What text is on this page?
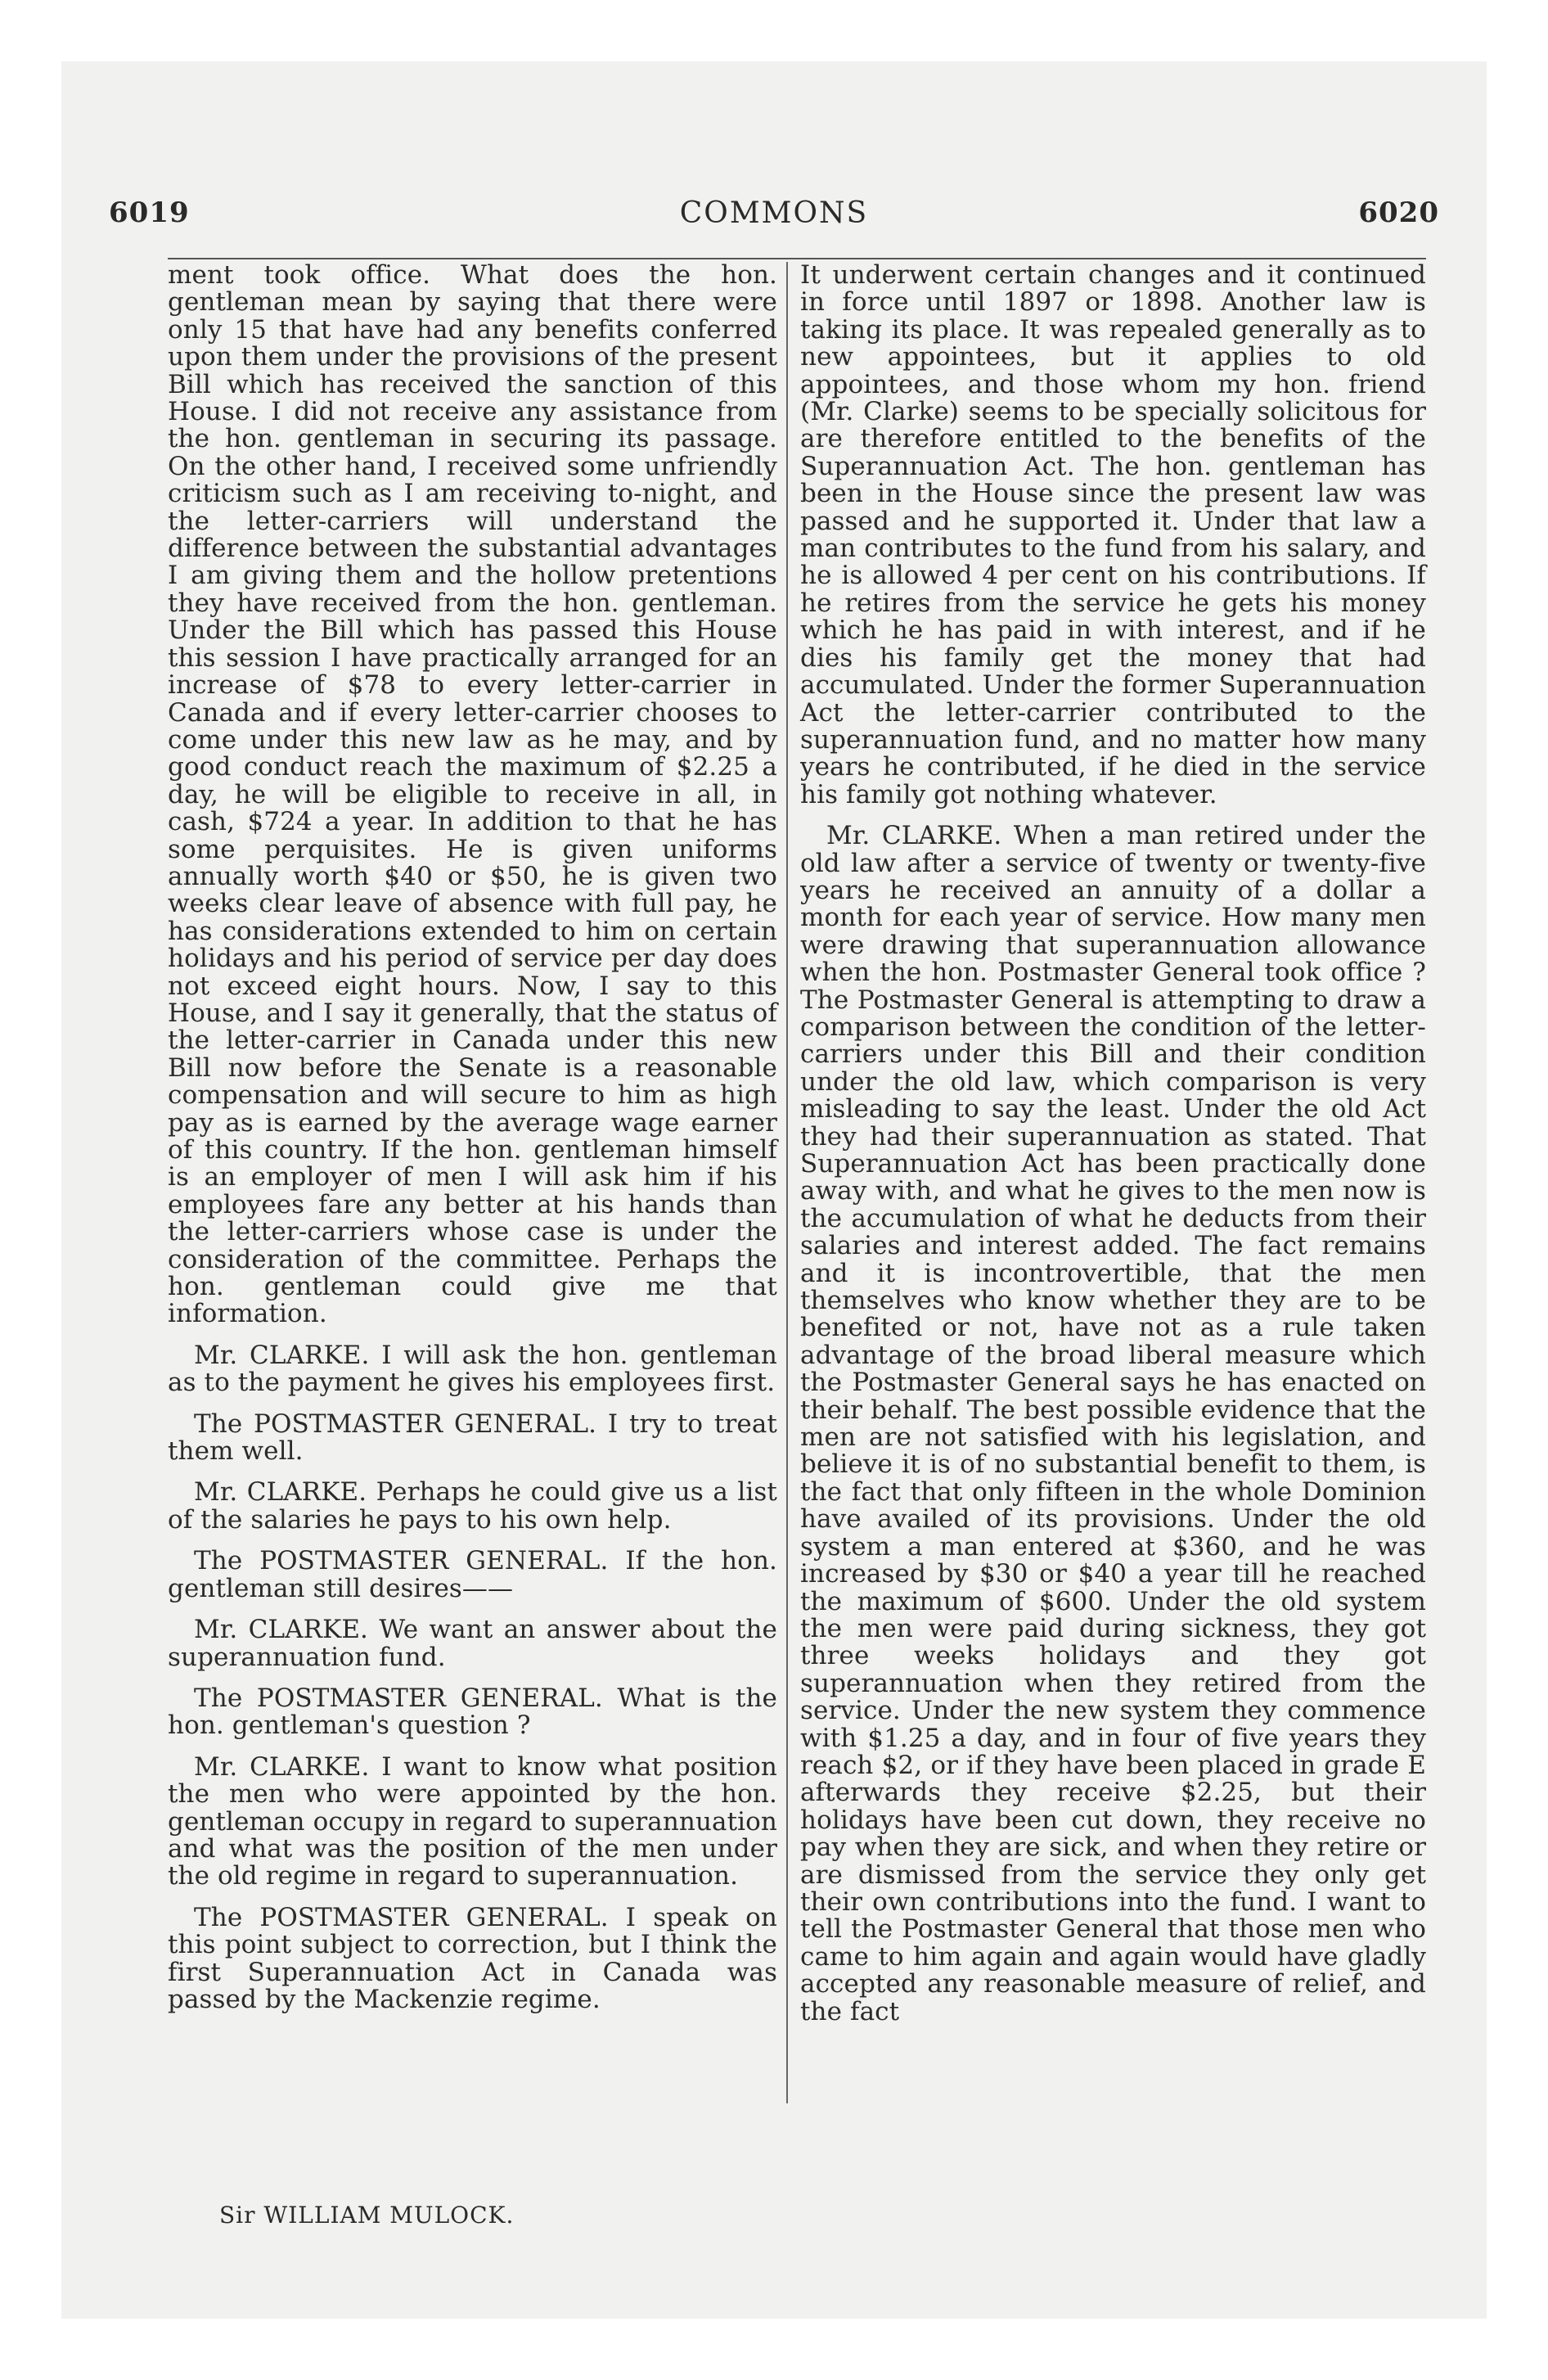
6019	COMMONS	6020

ment took office. What does the hon. gentleman mean by saying that there were only 15 that have had any benefits conferred upon them under the provisions of the present Bill which has received the sanction of this House. I did not receive any assistance from the hon. gentleman in securing its passage. On the other hand, I received some unfriendly criticism such as I am receiving to-night, and the letter-carriers will understand the difference between the substantial advantages I am giving them and the hollow pretentions they have received from the hon. gentleman. Under the Bill which has passed this House this session I have practically arranged for an increase of $78 to every letter-carrier in Canada and if every letter-carrier chooses to come under this new law as he may, and by good conduct reach the maximum of $2.25 a day, he will be eligible to receive in all, in cash, $724 a year. In addition to that he has some perquisites. He is given uniforms annually worth $40 or $50, he is given two weeks clear leave of absence with full pay, he has considerations extended to him on certain holidays and his period of service per day does not exceed eight hours. Now, I say to this House, and I say it generally, that the status of the letter-carrier in Canada under this new Bill now before the Senate is a reasonable compensation and will secure to him as high pay as is earned by the average wage earner of this country. If the hon. gentleman himself is an employer of men I will ask him if his employees fare any better at his hands than the letter-carriers whose case is under the consideration of the committee. Perhaps the hon. gentleman could give me that information.

Mr. CLARKE. I will ask the hon. gentleman as to the payment he gives his employees first.

The POSTMASTER GENERAL. I try to treat them well.

Mr. CLARKE. Perhaps he could give us a list of the salaries he pays to his own help.

The POSTMASTER GENERAL. If the hon. gentleman still desires——

Mr. CLARKE. We want an answer about the superannuation fund.

The POSTMASTER GENERAL. What is the hon. gentleman's question ?

Mr. CLARKE. I want to know what position the men who were appointed by the hon. gentleman occupy in regard to superannuation and what was the position of the men under the old regime in regard to superannuation.

The POSTMASTER GENERAL. I speak on this point subject to correction, but I think the first Superannuation Act in Canada was passed by the Mackenzie regime.

It underwent certain changes and it continued in force until 1897 or 1898. Another law is taking its place. It was repealed generally as to new appointees, but it applies to old appointees, and those whom my hon. friend (Mr. Clarke) seems to be specially solicitous for are therefore entitled to the benefits of the Superannuation Act. The hon. gentleman has been in the House since the present law was passed and he supported it. Under that law a man contributes to the fund from his salary, and he is allowed 4 per cent on his contributions. If he retires from the service he gets his money which he has paid in with interest, and if he dies his family get the money that had accumulated. Under the former Superannuation Act the letter-carrier contributed to the superannuation fund, and no matter how many years he contributed, if he died in the service his family got nothing whatever.

Mr. CLARKE. When a man retired under the old law after a service of twenty or twenty-five years he received an annuity of a dollar a month for each year of service. How many men were drawing that superannuation allowance when the hon. Postmaster General took office ? The Postmaster General is attempting to draw a comparison between the condition of the letter-carriers under this Bill and their condition under the old law, which comparison is very misleading to say the least. Under the old Act they had their superannuation as stated. That Superannuation Act has been practically done away with, and what he gives to the men now is the accumulation of what he deducts from their salaries and interest added. The fact remains and it is incontrovertible, that the men themselves who know whether they are to be benefited or not, have not as a rule taken advantage of the broad liberal measure which the Postmaster General says he has enacted on their behalf. The best possible evidence that the men are not satisfied with his legislation, and believe it is of no substantial benefit to them, is the fact that only fifteen in the whole Dominion have availed of its provisions. Under the old system a man entered at $360, and he was increased by $30 or $40 a year till he reached the maximum of $600. Under the old system the men were paid during sickness, they got three weeks holidays and they got superannuation when they retired from the service. Under the new system they commence with $1.25 a day, and in four of five years they reach $2, or if they have been placed in grade E afterwards they receive $2.25, but their holidays have been cut down, they receive no pay when they are sick, and when they retire or are dismissed from the service they only get their own contributions into the fund. I want to tell the Postmaster General that those men who came to him again and again would have gladly accepted any reasonable measure of relief, and the fact

Sir WILLIAM MULOCK.
